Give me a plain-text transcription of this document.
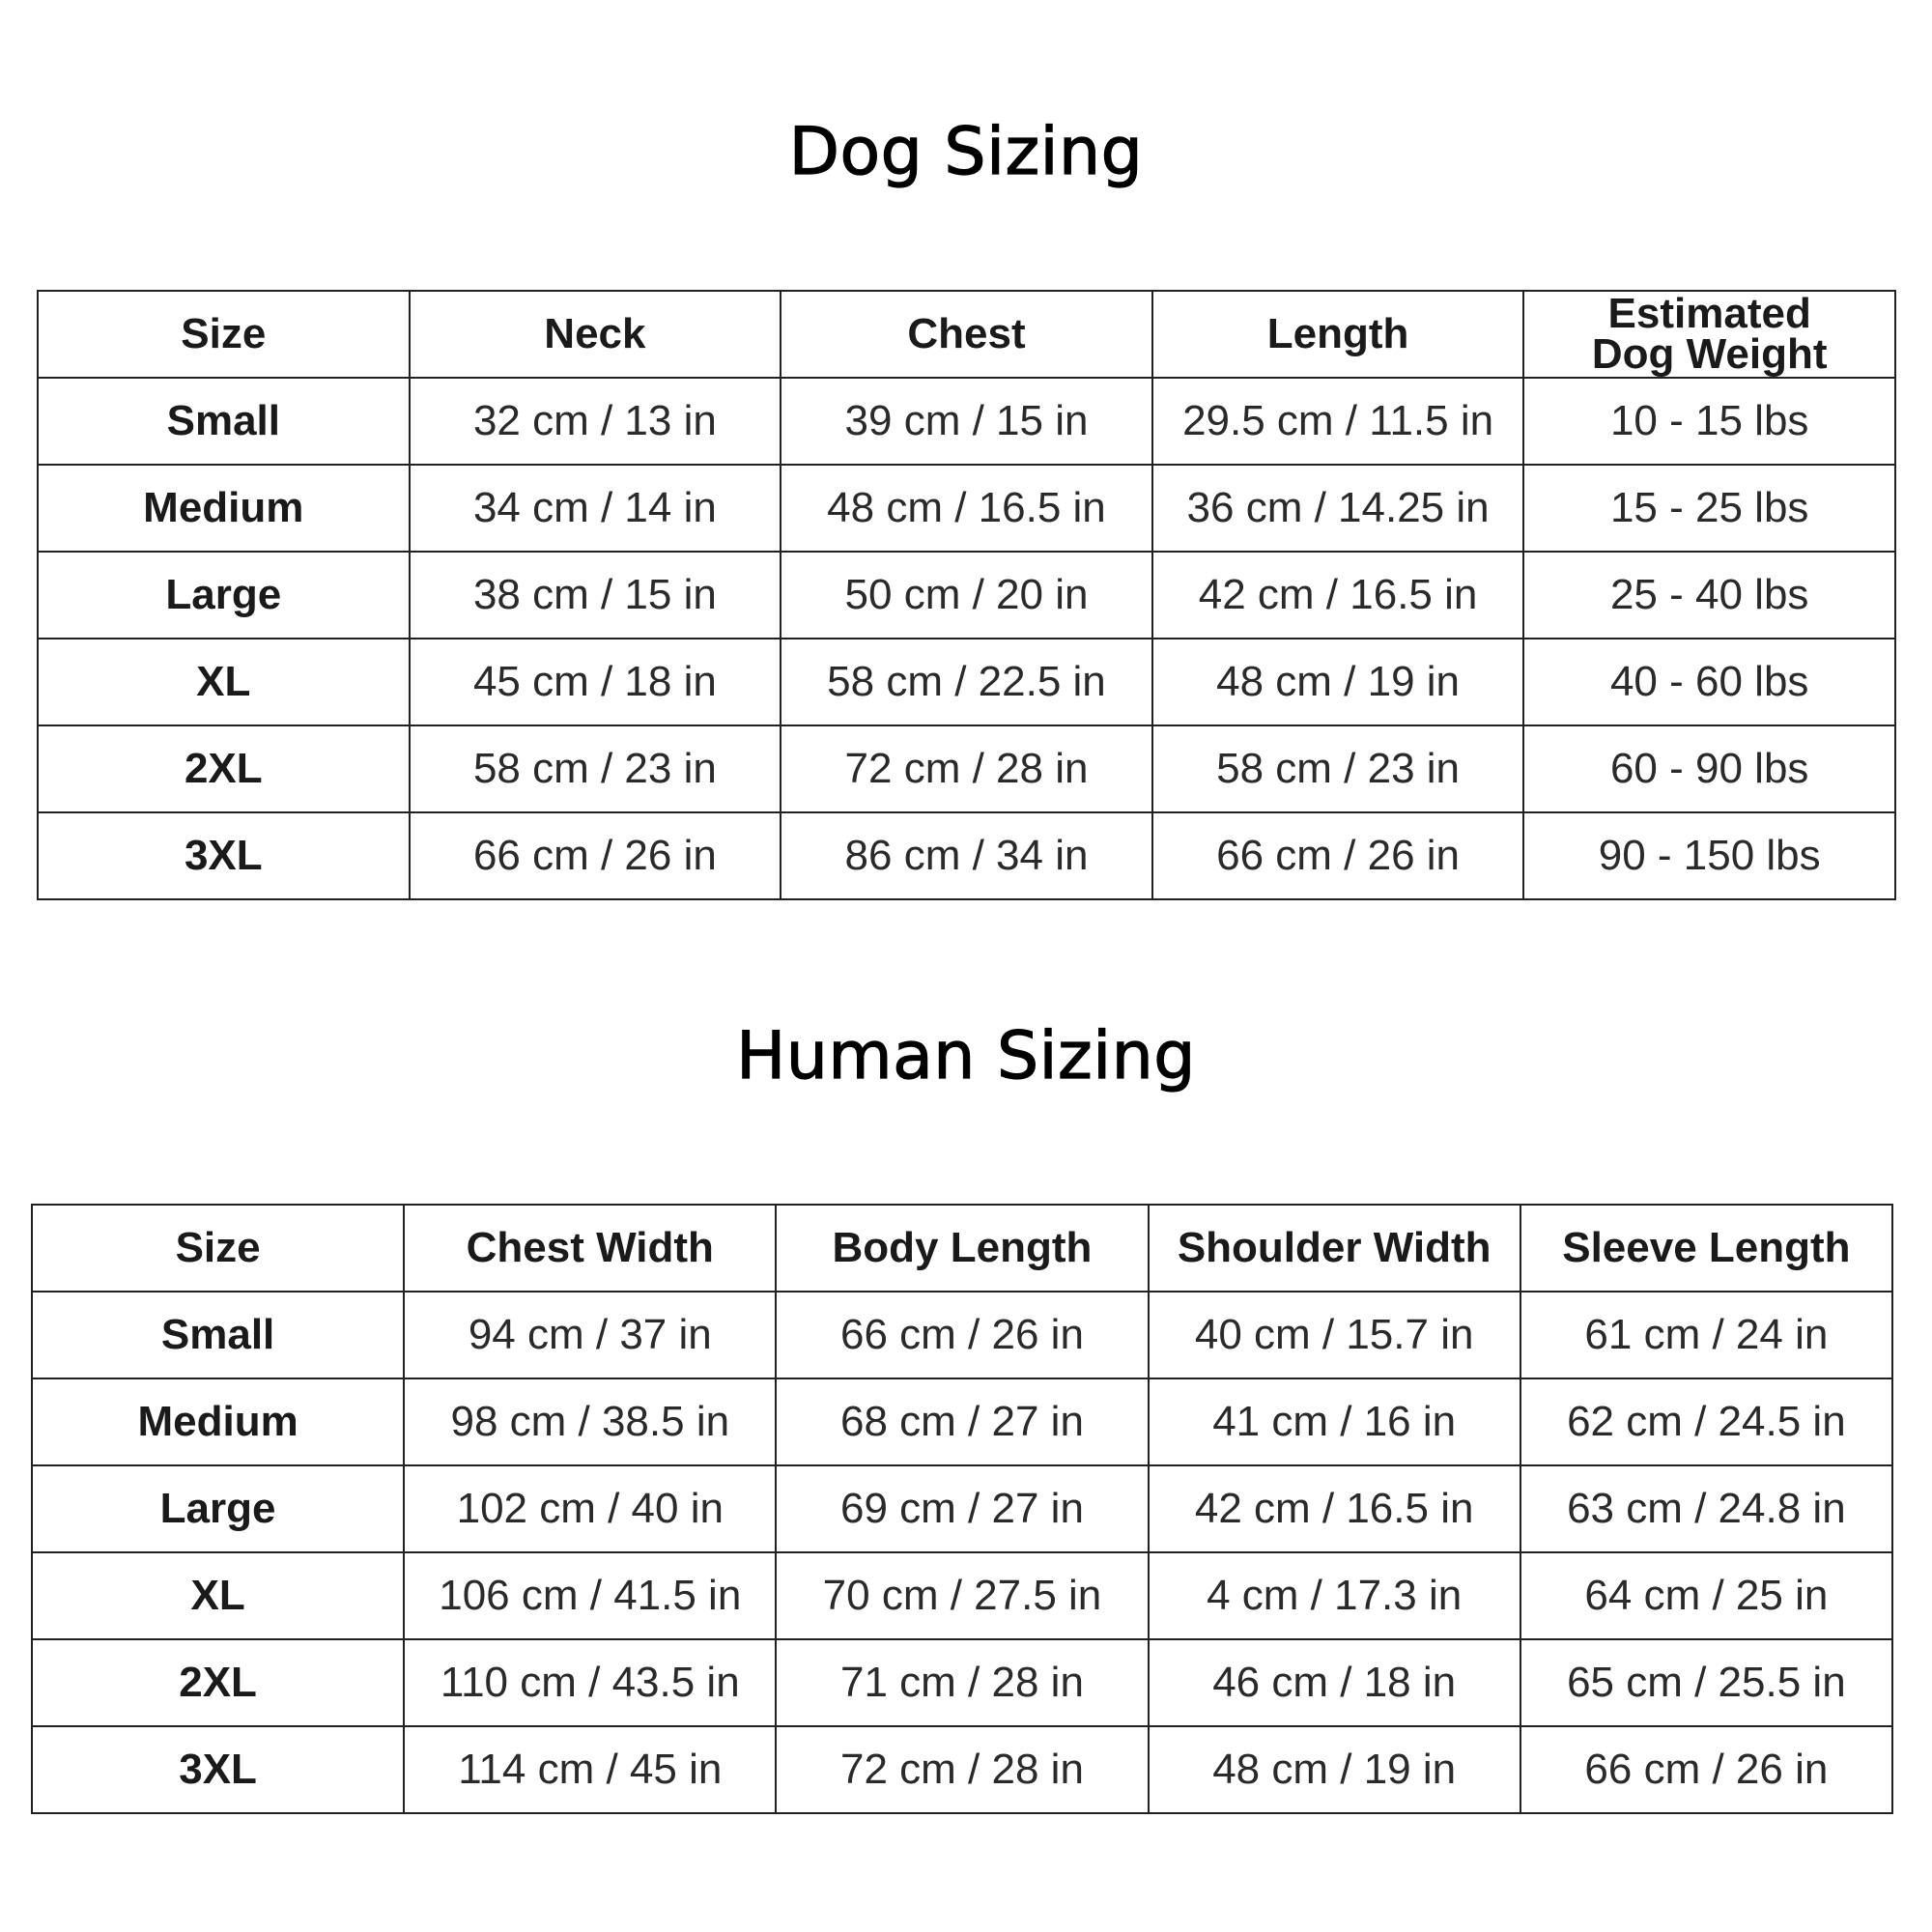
Dog Sizing
Size	Neck	Chest	Length	Estimated
Dog Weight

Small	32 cm / 13 in	39 cm / 15 in	29.5 cm / 11.5 in	10 - 15 lbs
Medium	34 cm / 14 in	48 cm / 16.5 in	36 cm / 14.25 in	15 - 25 lbs
Large	38 cm / 15 in	50 cm / 20 in	42 cm / 16.5 in	25 - 40 lbs
XL	45 cm / 18 in	58 cm / 22.5 in	48 cm / 19 in	40 - 60 lbs
2XL	58 cm / 23 in	72 cm / 28 in	58 cm / 23 in	60 - 90 lbs
3XL	66 cm / 26 in	86 cm / 34 in	66 cm / 26 in	90 - 150 lbs
Human Sizing
Size	Chest Width	Body Length	Shoulder Width	Sleeve Length
Small	94 cm / 37 in	66 cm / 26 in	40 cm / 15.7 in	61 cm / 24 in
Medium	98 cm / 38.5 in	68 cm / 27 in	41 cm / 16 in	62 cm / 24.5 in
Large	102 cm / 40 in	69 cm / 27 in	42 cm / 16.5 in	63 cm / 24.8 in
XL	106 cm / 41.5 in	70 cm / 27.5 in	4 cm / 17.3 in	64 cm / 25 in
2XL	110 cm / 43.5 in	71 cm / 28 in	46 cm / 18 in	65 cm / 25.5 in
3XL	114 cm / 45 in	72 cm / 28 in	48 cm / 19 in	66 cm / 26 in
